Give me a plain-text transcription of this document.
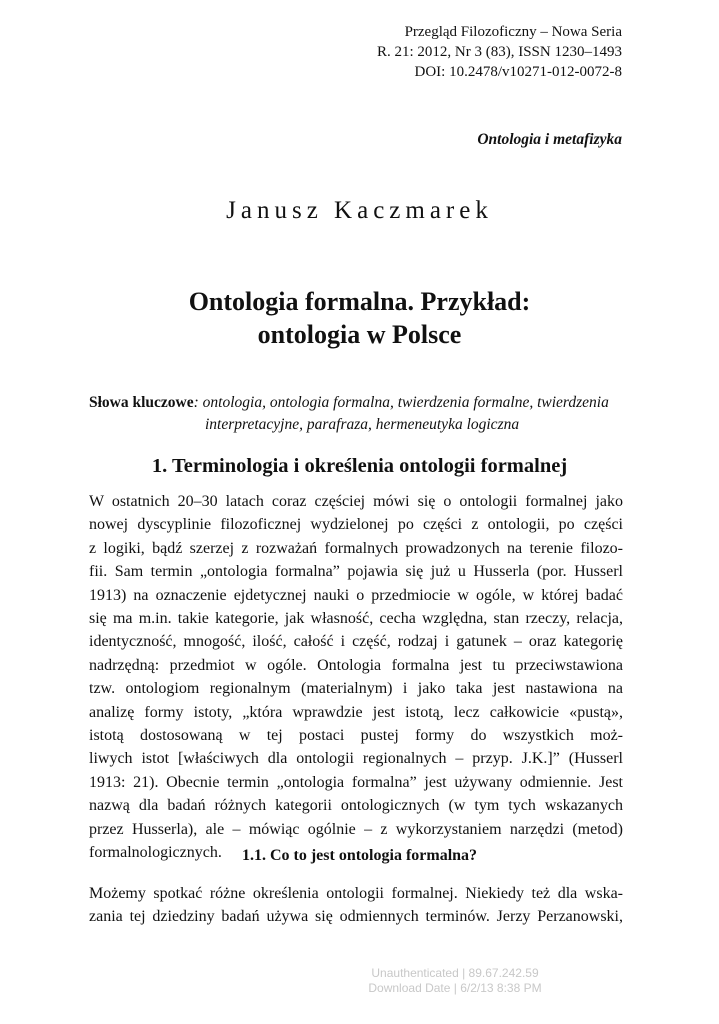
Przegląd Filozoficzny – Nowa Seria
R. 21: 2012, Nr 3 (83), ISSN 1230–1493
DOI: 10.2478/v10271-012-0072-8
Ontologia i metafizyka
Janusz Kaczmarek
Ontologia formalna. Przykład:
ontologia w Polsce
Słowa kluczowe: ontologia, ontologia formalna, twierdzenia formalne, twierdzenia
interpretacyjne, parafraza, hermeneutyka logiczna
1. Terminologia i określenia ontologii formalnej
W ostatnich 20–30 latach coraz częściej mówi się o ontologii formalnej jako
nowej dyscyplinie filozoficznej wydzielonej po części z ontologii, po części
z logiki, bądź szerzej z rozważań formalnych prowadzonych na terenie filozo-
fii. Sam termin „ontologia formalna” pojawia się już u Husserla (por. Husserl
1913) na oznaczenie ejdetycznej nauki o przedmiocie w ogóle, w której badać
się ma m.in. takie kategorie, jak własność, cecha względna, stan rzeczy, relacja,
identyczność, mnogość, ilość, całość i część, rodzaj i gatunek – oraz kategorię
nadrzędną: przedmiot w ogóle. Ontologia formalna jest tu przeciwstawiona
tzw. ontologiom regionalnym (materialnym) i jako taka jest nastawiona na
analizę formy istoty, „która wprawdzie jest istotą, lecz całkowicie «pustą»,
istotą dostosowaną w tej postaci pustej formy do wszystkich moż-
liwych istot [właściwych dla ontologii regionalnych – przyp. J.K.]” (Husserl
1913: 21). Obecnie termin „ontologia formalna” jest używany odmiennie. Jest
nazwą dla badań różnych kategorii ontologicznych (w tym tych wskazanych
przez Husserla), ale – mówiąc ogólnie – z wykorzystaniem narzędzi (metod)
formalnologicznych.	1.1. Co to jest ontologia formalna?
Możemy spotkać różne określenia ontologii formalnej. Niekiedy też dla wska-
zania tej dziedziny badań używa się odmiennych terminów. Jerzy Perzanowski,
Unauthenticated | 89.67.242.59
Download Date | 6/2/13 8:38 PM
